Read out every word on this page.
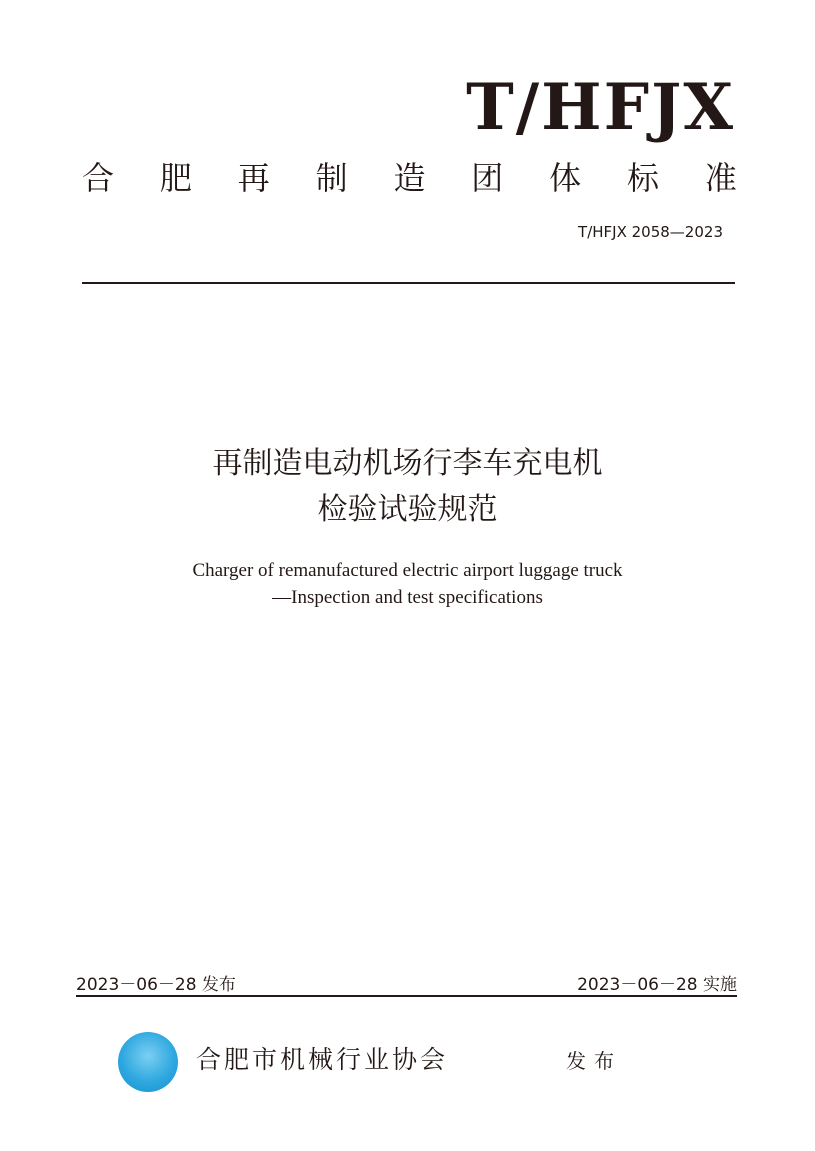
T/HFJX
合 肥 再 制 造 团 体 标 准
T/HFJX 2058—2023
再制造电动机场行李车充电机
检验试验规范
Charger of remanufactured electric airport luggage truck
—Inspection and test specifications
2023－06－28 发布	2023－06－28 实施
合肥市机械行业协会	发布
